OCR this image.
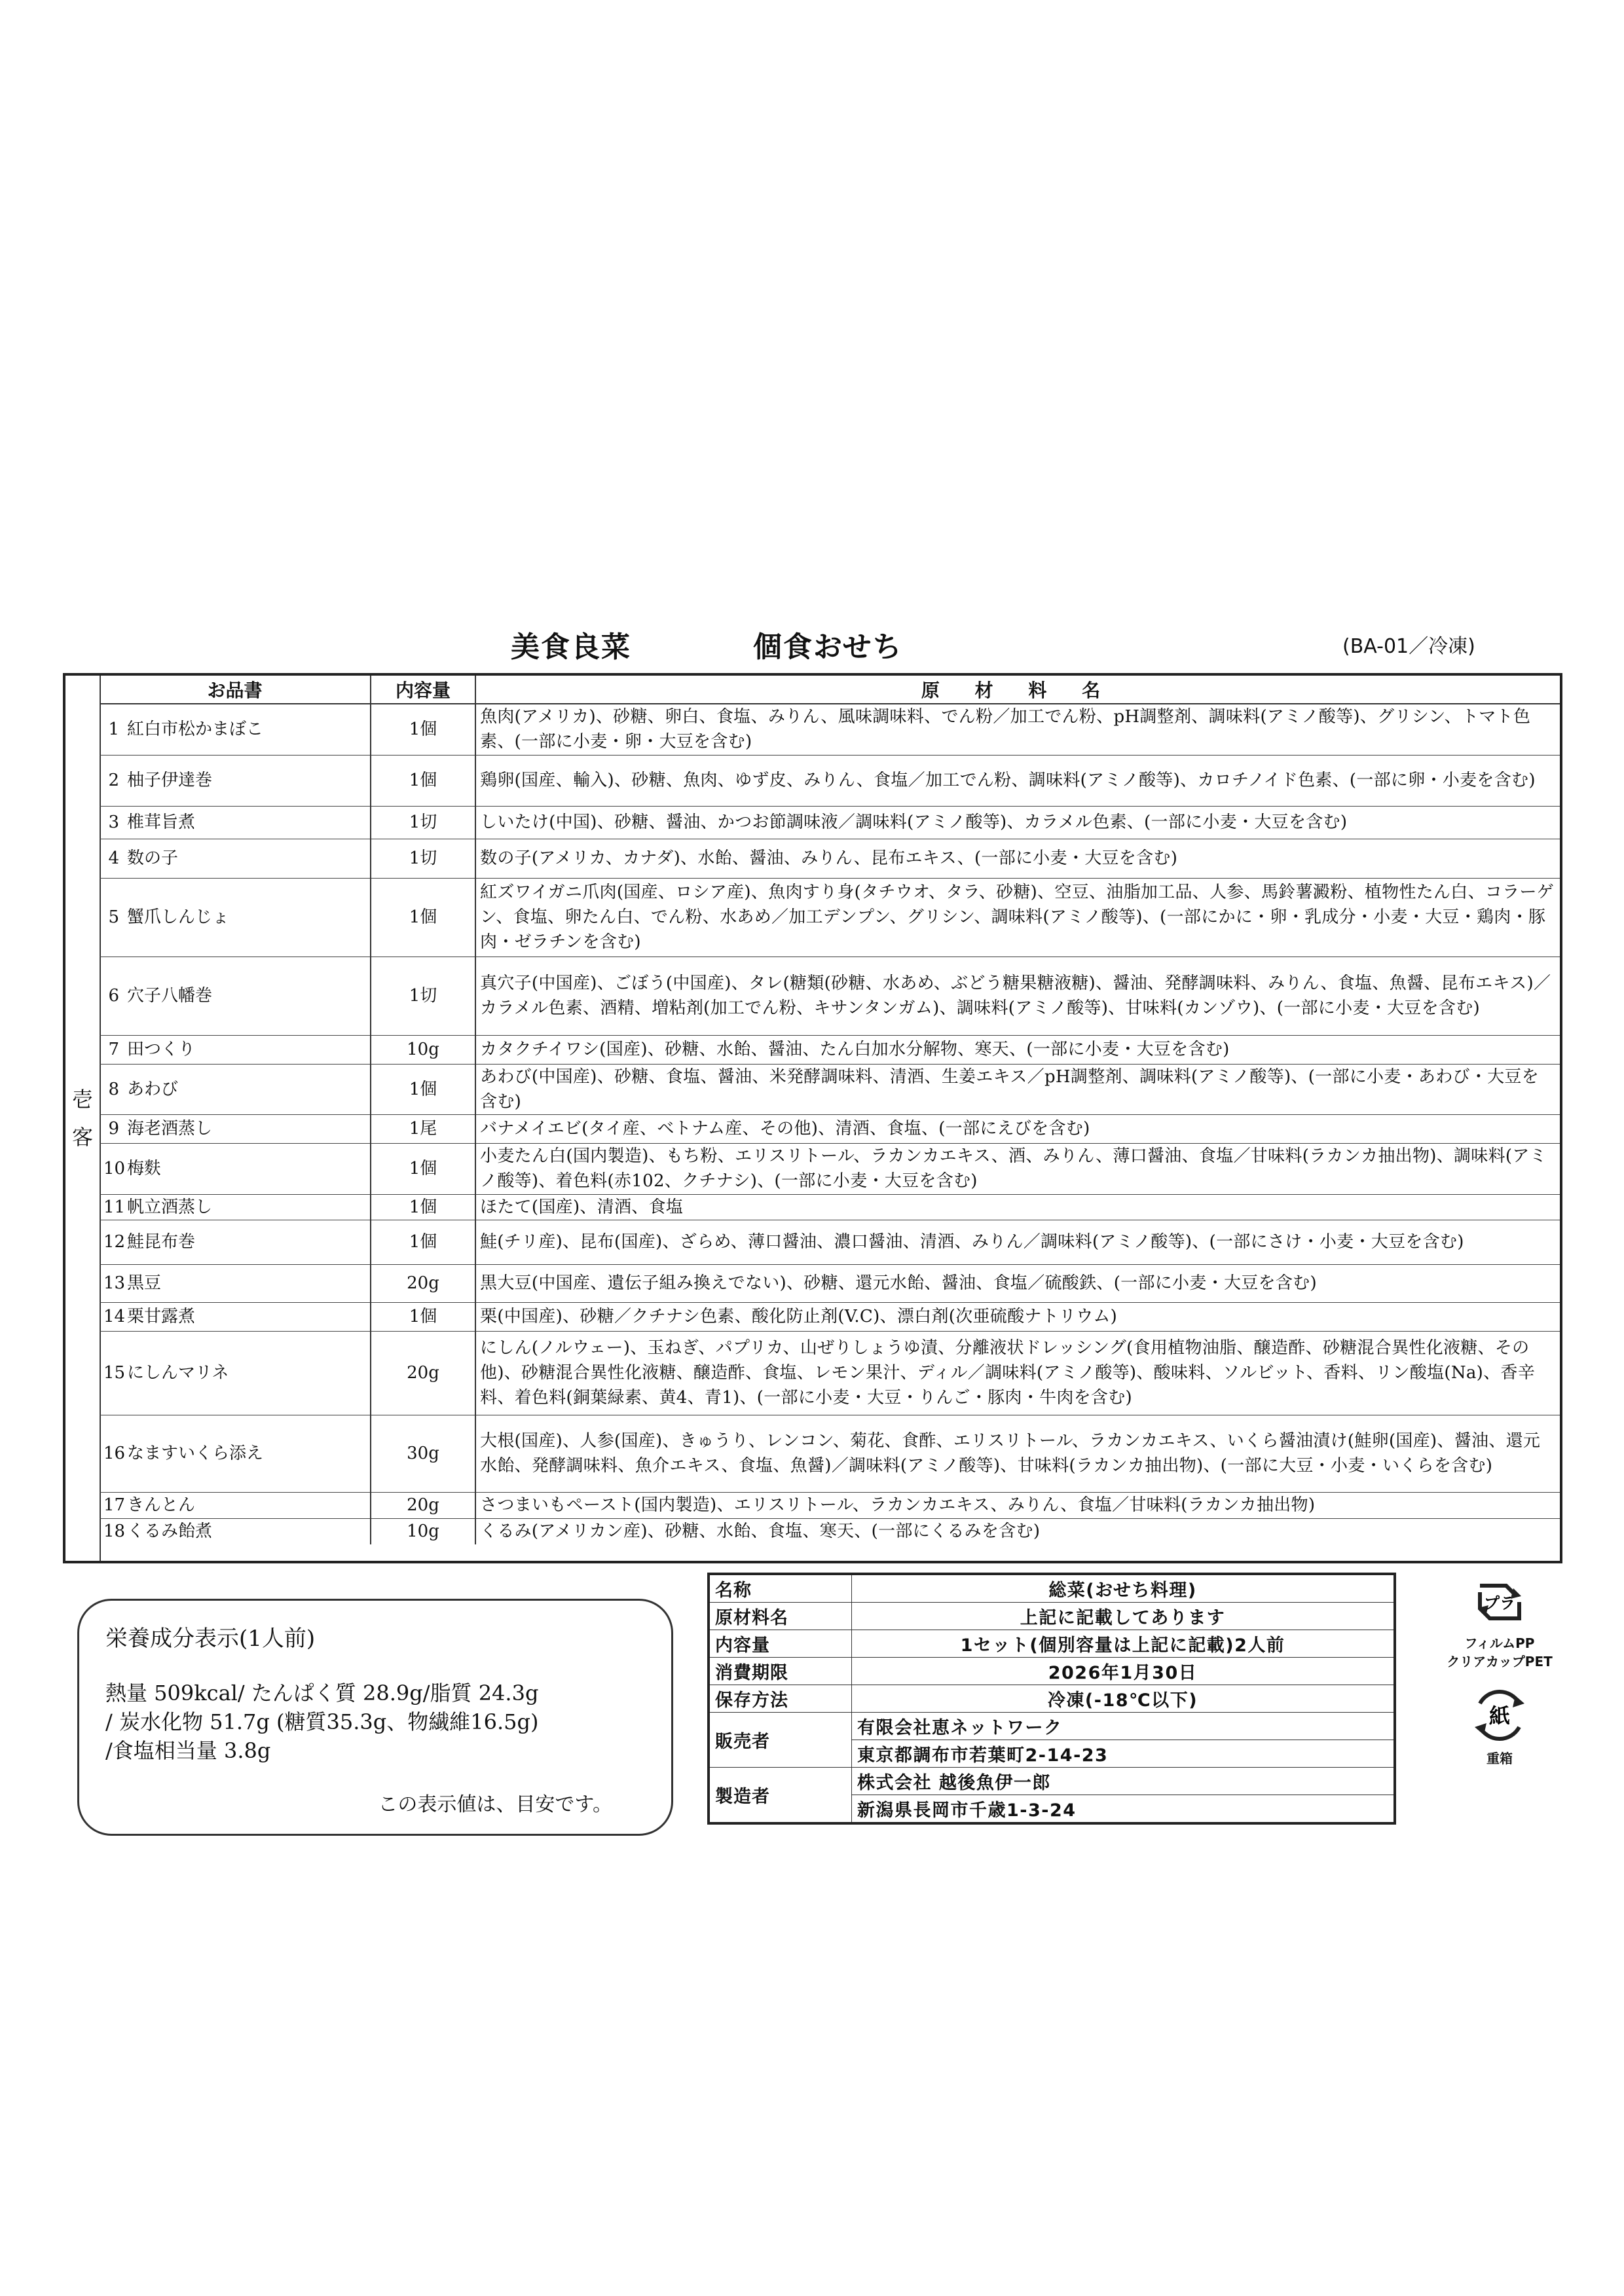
美食良菜	個食おせち	(BA-01／冷凍)
壱
客
お品書		内容量	原 材 料 名
1	紅白市松かまぼこ	1個	魚肉(アメリカ)、砂糖、卵白、食塩、みりん、風味調味料、でん粉／加工でん粉、pH調整剤、調味料(アミノ酸等)、グリシン、トマト色素、(一部に小麦・卵・大豆を含む)
2	柚子伊達巻	1個	鶏卵(国産、輸入)、砂糖、魚肉、ゆず皮、みりん、食塩／加工でん粉、調味料(アミノ酸等)、カロチノイド色素、(一部に卵・小麦を含む)
3	椎茸旨煮	1切	しいたけ(中国)、砂糖、醤油、かつお節調味液／調味料(アミノ酸等)、カラメル色素、(一部に小麦・大豆を含む)
4	数の子	1切	数の子(アメリカ、カナダ)、水飴、醤油、みりん、昆布エキス、(一部に小麦・大豆を含む)
5	蟹爪しんじょ	1個	紅ズワイガニ爪肉(国産、ロシア産)、魚肉すり身(タチウオ、タラ、砂糖)、空豆、油脂加工品、人参、馬鈴薯澱粉、植物性たん白、コラーゲン、食塩、卵たん白、でん粉、水あめ／加工デンプン、グリシン、調味料(アミノ酸等)、(一部にかに・卵・乳成分・小麦・大豆・鶏肉・豚肉・ゼラチンを含む)
6	穴子八幡巻	1切	真穴子(中国産)、ごぼう(中国産)、タレ(糖類(砂糖、水あめ、ぶどう糖果糖液糖)、醤油、発酵調味料、みりん、食塩、魚醤、昆布エキス)／カラメル色素、酒精、増粘剤(加工でん粉、キサンタンガム)、調味料(アミノ酸等)、甘味料(カンゾウ)、(一部に小麦・大豆を含む)
7	田つくり	10g	カタクチイワシ(国産)、砂糖、水飴、醤油、たん白加水分解物、寒天、(一部に小麦・大豆を含む)
8	あわび	1個	あわび(中国産)、砂糖、食塩、醤油、米発酵調味料、清酒、生姜エキス／pH調整剤、調味料(アミノ酸等)、(一部に小麦・あわび・大豆を含む)
9	海老酒蒸し	1尾	バナメイエビ(タイ産、ベトナム産、その他)、清酒、食塩、(一部にえびを含む)
10	梅麩	1個	小麦たん白(国内製造)、もち粉、エリスリトール、ラカンカエキス、酒、みりん、薄口醤油、食塩／甘味料(ラカンカ抽出物)、調味料(アミノ酸等)、着色料(赤102、クチナシ)、(一部に小麦・大豆を含む)
11	帆立酒蒸し	1個	ほたて(国産)、清酒、食塩
12	鮭昆布巻	1個	鮭(チリ産)、昆布(国産)、ざらめ、薄口醤油、濃口醤油、清酒、みりん／調味料(アミノ酸等)、(一部にさけ・小麦・大豆を含む)
13	黒豆	20g	黒大豆(中国産、遺伝子組み換えでない)、砂糖、還元水飴、醤油、食塩／硫酸鉄、(一部に小麦・大豆を含む)
14	栗甘露煮	1個	栗(中国産)、砂糖／クチナシ色素、酸化防止剤(V.C)、漂白剤(次亜硫酸ナトリウム)
15	にしんマリネ	20g	にしん(ノルウェー)、玉ねぎ、パプリカ、山ぜりしょうゆ漬、分離液状ドレッシング(食用植物油脂、醸造酢、砂糖混合異性化液糖、その他)、砂糖混合異性化液糖、醸造酢、食塩、レモン果汁、ディル／調味料(アミノ酸等)、酸味料、ソルビット、香料、リン酸塩(Na)、香辛料、着色料(銅葉緑素、黄4、青1)、(一部に小麦・大豆・りんご・豚肉・牛肉を含む)
16	なますいくら添え	30g	大根(国産)、人参(国産)、きゅうり、レンコン、菊花、食酢、エリスリトール、ラカンカエキス、いくら醤油漬け(鮭卵(国産)、醤油、還元水飴、発酵調味料、魚介エキス、食塩、魚醤)／調味料(アミノ酸等)、甘味料(ラカンカ抽出物)、(一部に大豆・小麦・いくらを含む)
17	きんとん	20g	さつまいもペースト(国内製造)、エリスリトール、ラカンカエキス、みりん、食塩／甘味料(ラカンカ抽出物)
18	くるみ飴煮	10g	くるみ(アメリカン産)、砂糖、水飴、食塩、寒天、(一部にくるみを含む)
栄養成分表示(1人前)
熱量 509kcal/ たんぱく質 28.9g/脂質 24.3g
/ 炭水化物 51.7g (糖質35.3g、物繊維16.5g)
/食塩相当量 3.8g
この表示値は、目安です。
名称	総菜(おせち料理)
原材料名	上記に記載してあります
内容量	1セット(個別容量は上記に記載)2人前
消費期限	2026年1月30日
保存方法	冷凍(-18℃以下)
販売者	有限会社恵ネットワーク
	東京都調布市若葉町2-14-23
製造者	株式会社 越後魚伊一郎
	新潟県長岡市千歳1-3-24
プラ
フィルムPP
クリアカップPET
紙
重箱
